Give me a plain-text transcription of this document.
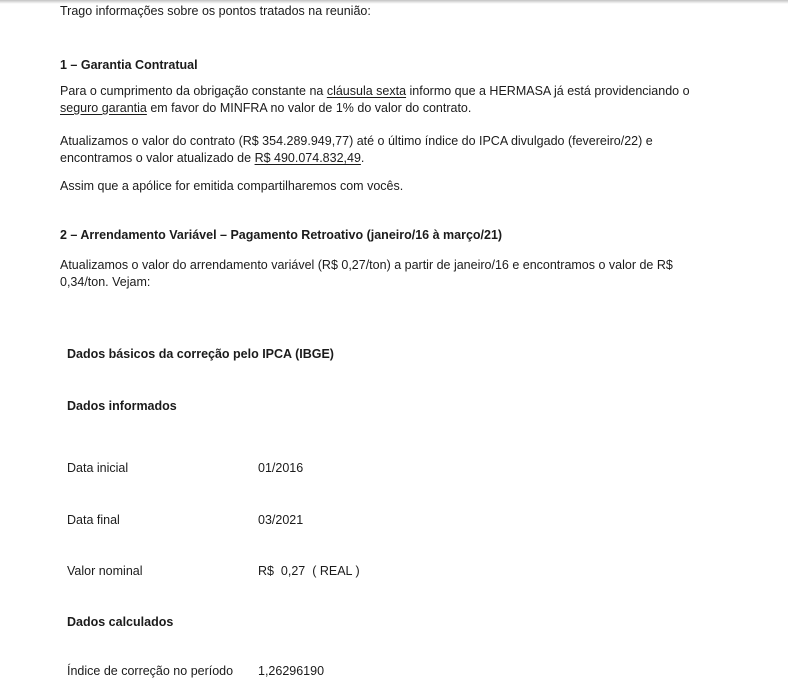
Trago informações sobre os pontos tratados na reunião:
1 – Garantia Contratual
Para o cumprimento da obrigação constante na cláusula sexta informo que a HERMASA já está providenciando o
seguro garantia em favor do MINFRA no valor de 1% do valor do contrato.
Atualizamos o valor do contrato (R$ 354.289.949,77) até o último índice do IPCA divulgado (fevereiro/22) e
encontramos o valor atualizado de R$ 490.074.832,49.
Assim que a apólice for emitida compartilharemos com vocês.
2 – Arrendamento Variável – Pagamento Retroativo (janeiro/16 à março/21)
Atualizamos o valor do arrendamento variável (R$ 0,27/ton) a partir de janeiro/16 e encontramos o valor de R$
0,34/ton. Vejam:
Dados básicos da correção pelo IPCA (IBGE)
Dados informados
Data inicial	01/2016
Data final	03/2021
Valor nominal	R$  0,27  ( REAL )
Dados calculados
Índice de correção no período 1,26296190
